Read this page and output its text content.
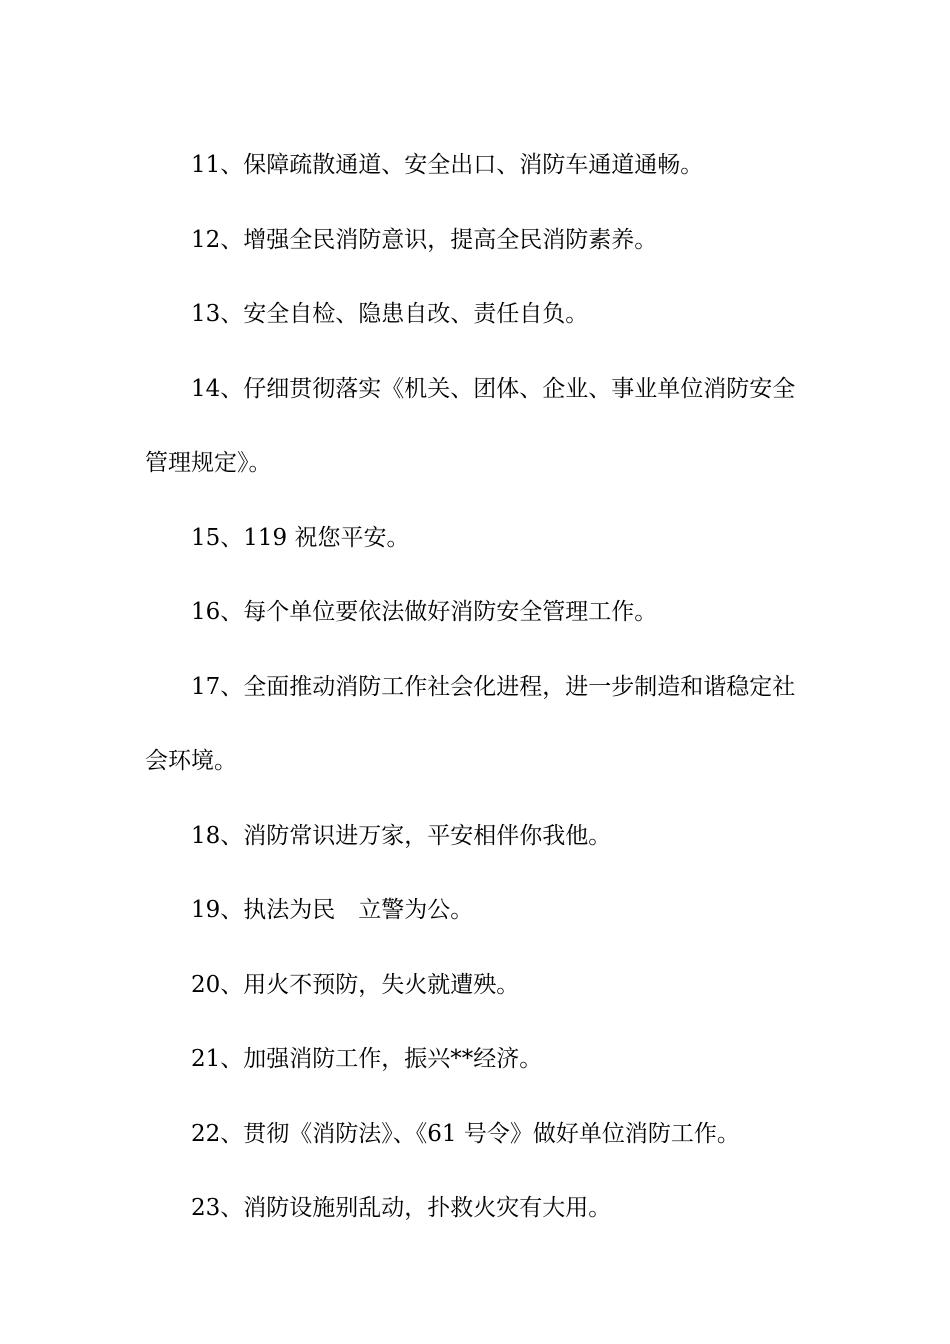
11、保障疏散通道、安全出口、消防车通道通畅。

12、增强全民消防意识，提高全民消防素养。

13、安全自检、隐患自改、责任自负。

14、仔细贯彻落实《机关、团体、企业、事业单位消防安全管理规定》。

15、119 祝您平安。

16、每个单位要依法做好消防安全管理工作。

17、全面推动消防工作社会化进程，进一步制造和谐稳定社会环境。

18、消防常识进万家，平安相伴你我他。

19、执法为民　立警为公。

20、用火不预防，失火就遭殃。

21、加强消防工作，振兴**经济。

22、贯彻《消防法》、《61 号令》做好单位消防工作。

23、消防设施别乱动，扑救火灾有大用。
